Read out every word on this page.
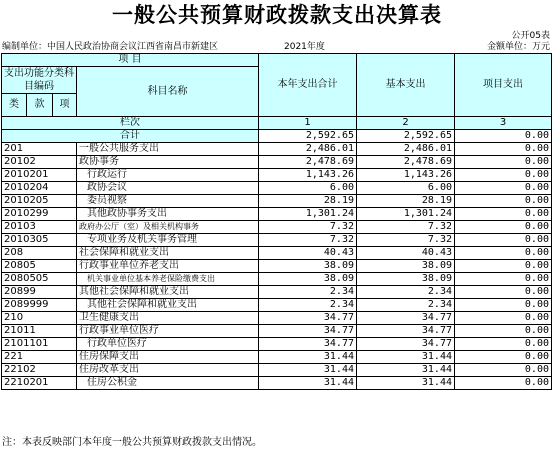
一般公共预算财政拨款支出决算表
公开05表
编制单位：中国人民政治协商会议江西省南昌市新建区	2021年度	金额单位：万元
项 目				本年支出合计	基本支出	项目支出
支出功能分类科目编码			科目名称			

类	款	项				
栏次				1	2	3
合计				2,592.65	2,592.65	0.00
201			一般公共服务支出	2,486.01	2,486.01	0.00
20102			政协事务	2,478.69	2,478.69	0.00
2010201			行政运行	1,143.26	1,143.26	0.00
2010204			政协会议	6.00	6.00	0.00
2010205			委员视察	28.19	28.19	0.00
2010299			其他政协事务支出	1,301.24	1,301.24	0.00
20103			政府办公厅（室）及相关机构事务	7.32	7.32	0.00
2010305			专项业务及机关事务管理	7.32	7.32	0.00
208			社会保障和就业支出	40.43	40.43	0.00
20805			行政事业单位养老支出	38.09	38.09	0.00
2080505			机关事业单位基本养老保险缴费支出	38.09	38.09	0.00
20899			其他社会保障和就业支出	2.34	2.34	0.00
2089999			其他社会保障和就业支出	2.34	2.34	0.00
210			卫生健康支出	34.77	34.77	0.00
21011			行政事业单位医疗	34.77	34.77	0.00
2101101			行政单位医疗	34.77	34.77	0.00
221			住房保障支出	31.44	31.44	0.00
22102			住房改革支出	31.44	31.44	0.00
2210201			住房公积金	31.44	31.44	0.00
注：本表反映部门本年度一般公共预算财政拨款支出情况。
